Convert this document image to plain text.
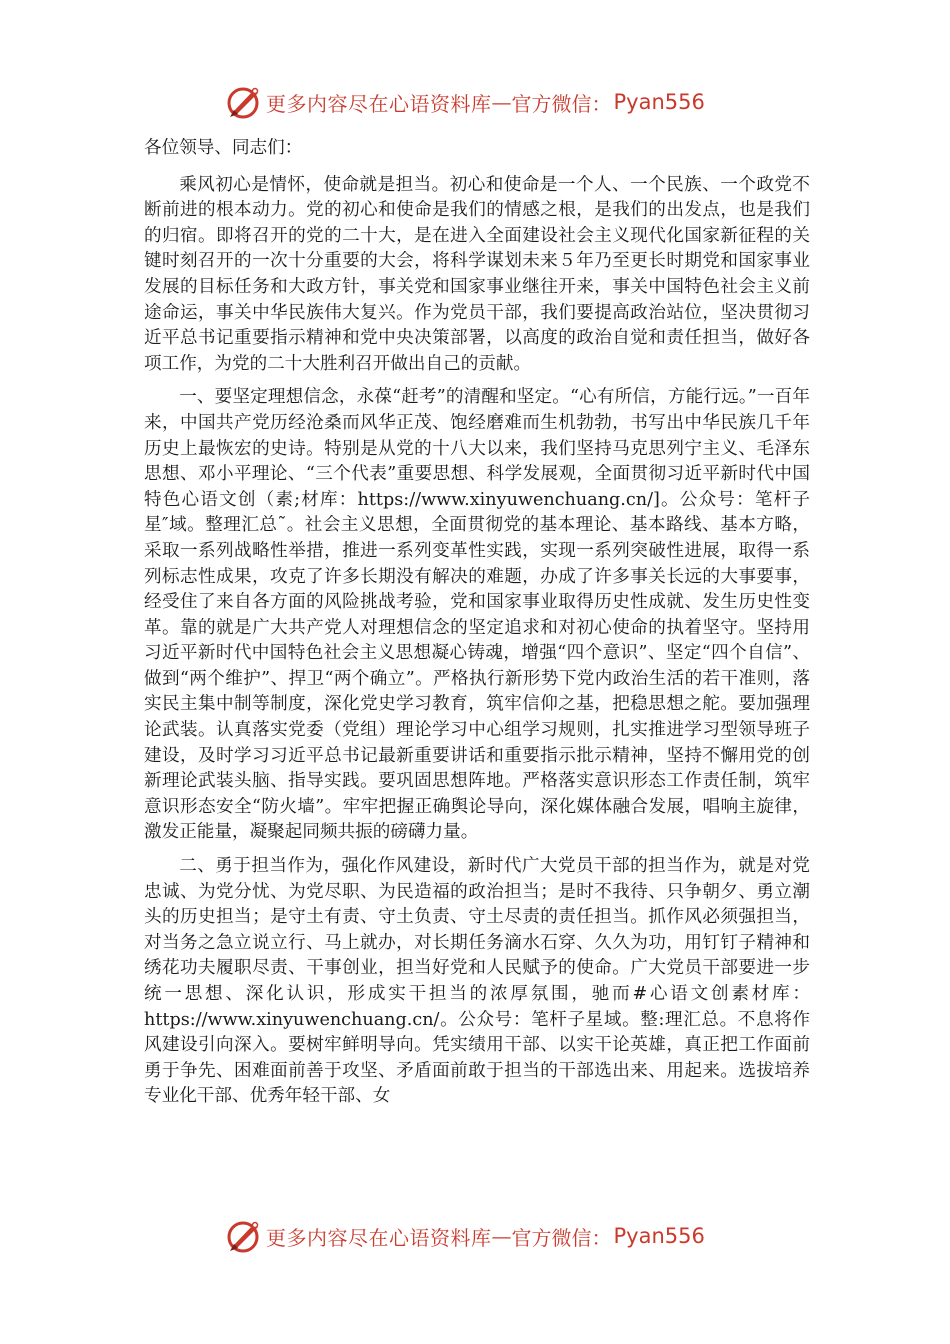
更多内容尽在心语资料库 — 官方微信： Pyan556

各位领导、同志们：

乘风初心是情怀，使命就是担当。初心和使命是一个人、一个民族、一个政党不断前进的根本动力。党的初心和使命是我们的情感之根，是我们的出发点，也是我们的归宿。即将召开的党的二十大，是在进入全面建设社会主义现代化国家新征程的关键时刻召开的一次十分重要的大会，将科学谋划未来５年乃至更长时期党和国家事业发展的目标任务和大政方针，事关党和国家事业继往开来，事关中国特色社会主义前途命运，事关中华民族伟大复兴。作为党员干部，我们要提高政治站位，坚决贯彻习近平总书记重要指示精神和党中央决策部署，以高度的政治自觉和责任担当，做好各项工作，为党的二十大胜利召开做出自己的贡献。

一、要坚定理想信念，永葆“赶考”的清醒和坚定。“心有所信，方能行远。”一百年来，中国共产党历经沧桑而风华正茂、饱经磨难而生机勃勃，书写出中华民族几千年历史上最恢宏的史诗。特别是从党的十八大以来，我们坚持马克思列宁主义、毛泽东思想、邓小平理论、“三个代表”重要思想、科学发展观，全面贯彻习近平新时代中国特色心语文创（素;材库：https://www.xinyuwenchuang.cn/]。公众号：笔杆子星″域。整理汇总˜。社会主义思想，全面贯彻党的基本理论、基本路线、基本方略，采取一系列战略性举措，推进一系列变革性实践，实现一系列突破性进展，取得一系列标志性成果，攻克了许多长期没有解决的难题，办成了许多事关长远的大事要事，经受住了来自各方面的风险挑战考验，党和国家事业取得历史性成就、发生历史性变革。靠的就是广大共产党人对理想信念的坚定追求和对初心使命的执着坚守。坚持用习近平新时代中国特色社会主义思想凝心铸魂，增强“四个意识”、坚定“四个自信”、做到“两个维护”、捍卫“两个确立”。严格执行新形势下党内政治生活的若干准则，落实民主集中制等制度，深化党史学习教育，筑牢信仰之基，把稳思想之舵。要加强理论武装。认真落实党委（党组）理论学习中心组学习规则，扎实推进学习型领导班子建设，及时学习习近平总书记最新重要讲话和重要指示批示精神，坚持不懈用党的创新理论武装头脑、指导实践。要巩固思想阵地。严格落实意识形态工作责任制，筑牢意识形态安全“防火墙”。牢牢把握正确舆论导向，深化媒体融合发展，唱响主旋律，激发正能量，凝聚起同频共振的磅礴力量。

二、勇于担当作为，强化作风建设，新时代广大党员干部的担当作为，就是对党忠诚、为党分忧、为党尽职、为民造福的政治担当；是时不我待、只争朝夕、勇立潮头的历史担当；是守土有责、守土负责、守土尽责的责任担当。抓作风必须强担当，对当务之急立说立行、马上就办，对长期任务滴水石穿、久久为功，用钉钉子精神和绣花功夫履职尽责、干事创业，担当好党和人民赋予的使命。广大党员干部要进一步统一思想、深化认识，形成实干担当的浓厚氛围，驰而#心语文创素材库：https://www.xinyuwenchuang.cn/。公众号：笔杆子星域。整:理汇总。不息将作风建设引向深入。要树牢鲜明导向。凭实绩用干部、以实干论英雄，真正把工作面前勇于争先、困难面前善于攻坚、矛盾面前敢于担当的干部选出来、用起来。选拔培养专业化干部、优秀年轻干部、女

更多内容尽在心语资料库 — 官方微信： Pyan556
